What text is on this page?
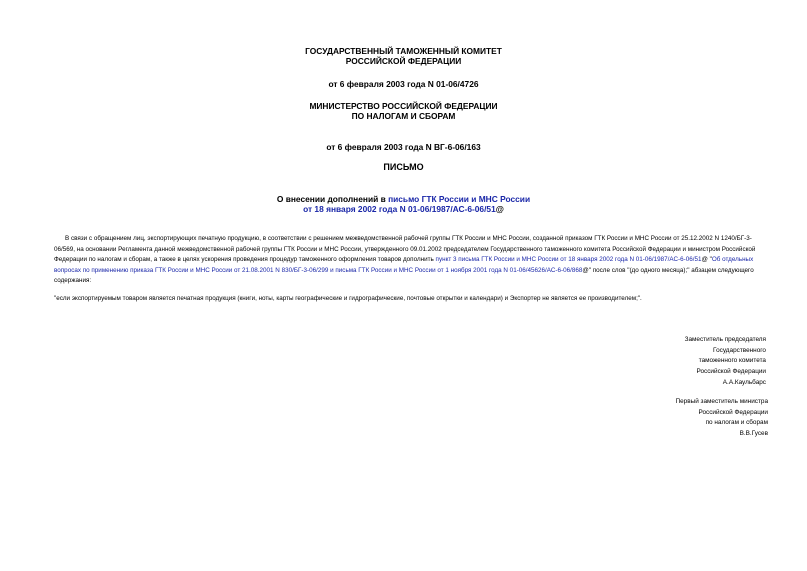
ГОСУДАРСТВЕННЫЙ ТАМОЖЕННЫЙ КОМИТЕТ
РОССИЙСКОЙ ФЕДЕРАЦИИ
от 6 февраля 2003 года N 01-06/4726
МИНИСТЕРСТВО РОССИЙСКОЙ ФЕДЕРАЦИИ
ПО НАЛОГАМ И СБОРАМ
от 6 февраля 2003 года N ВГ-6-06/163
ПИСЬМО
О внесении дополнений в письмо ГТК России и МНС России
от 18 января 2002 года N 01-06/1987/АС-6-06/51@

В связи с обращением лиц, экспортирующих печатную продукцию, в соответствии с решением межведомственной рабочей группы ГТК России и МНС России, созданной приказом ГТК России и МНС России от 25.12.2002 N 1240/БГ-3-06/569, на основании Регламента данной межведомственной рабочей группы ГТК России и МНС России, утвержденного 09.01.2002 председателем Государственного таможенного комитета Российской Федерации и министром Российской Федерации по налогам и сборам, а также в целях ускорения проведения процедур таможенного оформления товаров дополнить пункт 3 письма ГТК России и МНС России от 18 января 2002 года N 01-06/1987/АС-6-06/51@ "Об отдельных вопросах по применению приказа ГТК России и МНС России от 21.08.2001 N 830/БГ-3-06/299 и письма ГТК России и МНС России от 1 ноября 2001 года N 01-06/45626/АС-6-06/868@" после слов "(до одного месяца);" абзацем следующего содержания:

"если экспортируемым товаром является печатная продукция (книги, ноты, карты географические и гидрографические, почтовые открытки и календари) и Экспортер не является ее производителем;".

Заместитель председателя
Государственного
таможенного комитета
Российской Федерации
А.А.Каульбарс
Первый заместитель министра
Российской Федерации
по налогам и сборам
В.В.Гусев
